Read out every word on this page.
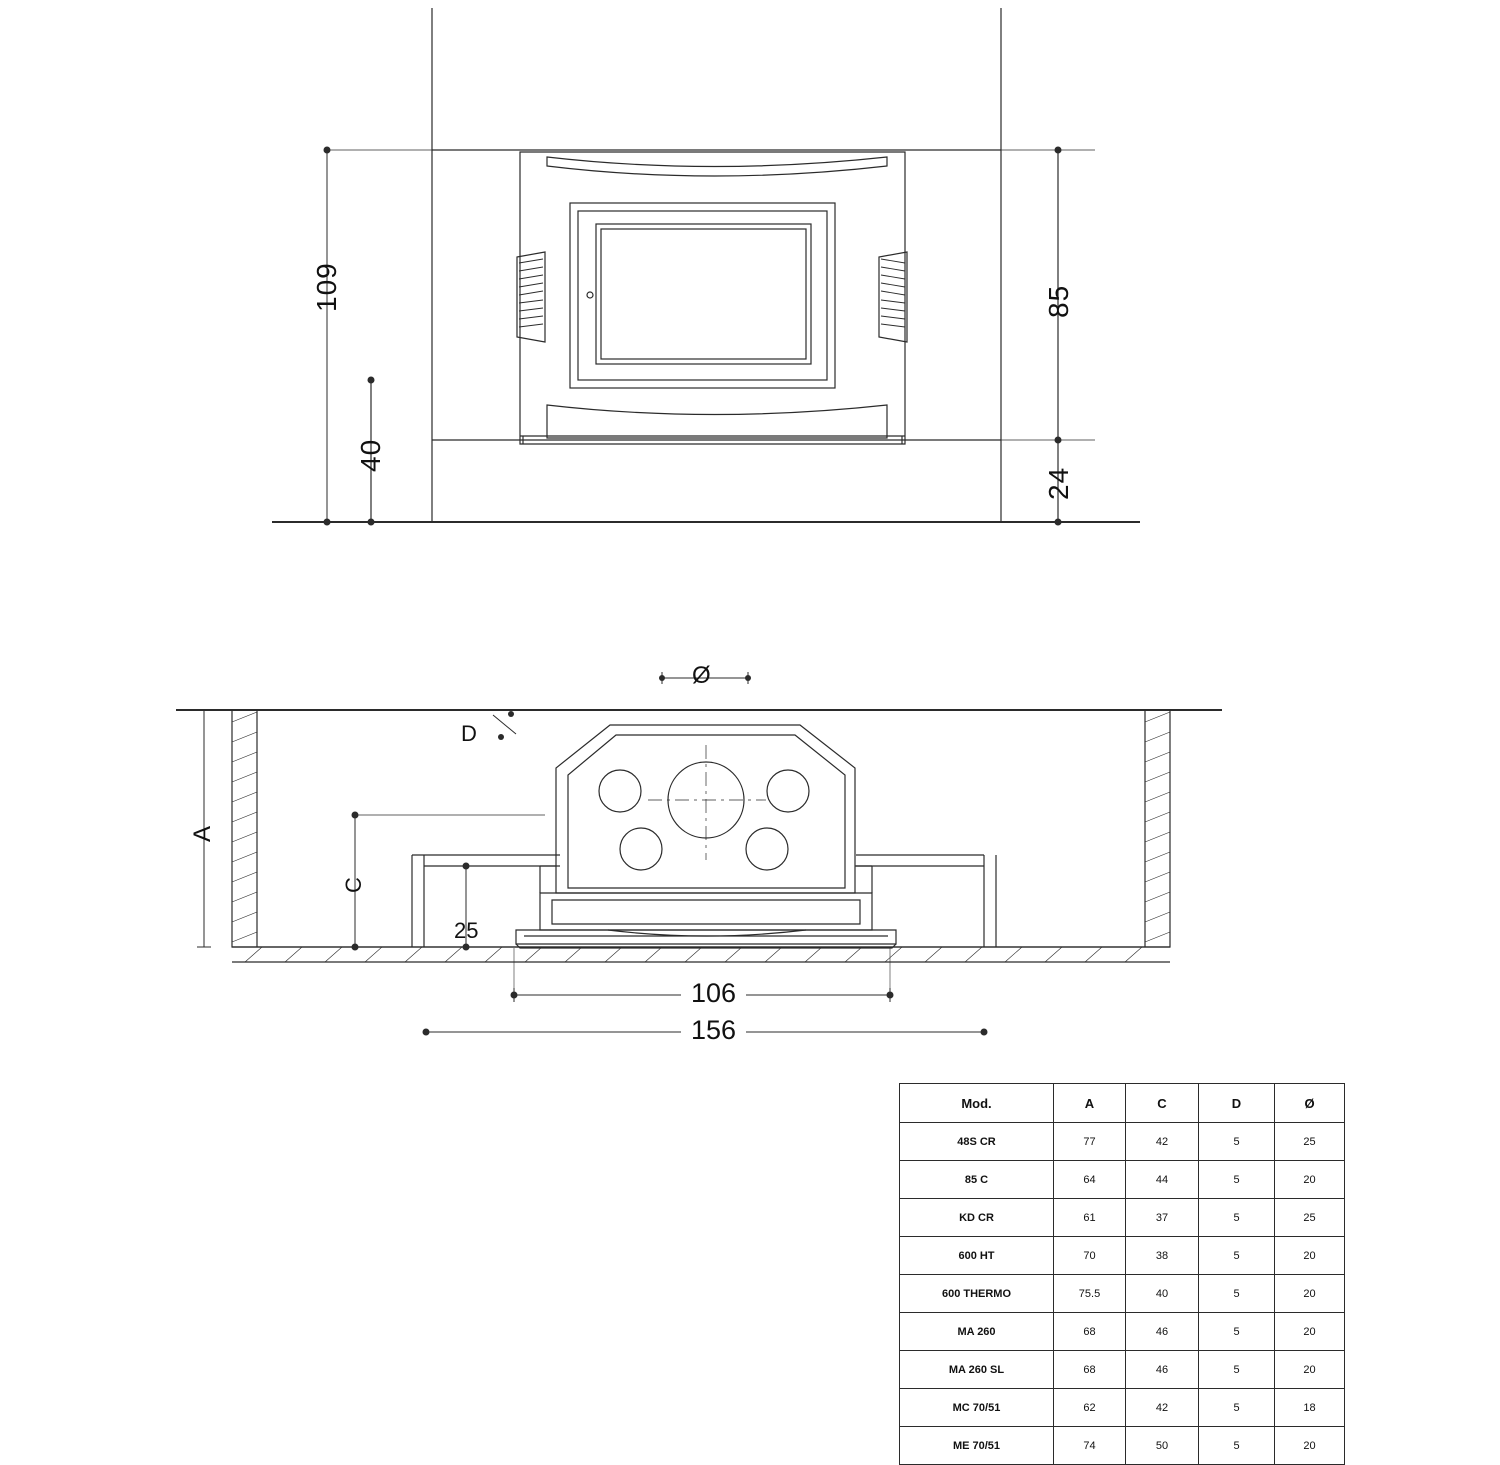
109
40
85
24
Ø
D
A
C
25
106
156
Mod.	A	C	D	Ø
48S CR	77	42	5	25
85 C	64	44	5	20
KD CR	61	37	5	25
600 HT	70	38	5	20
600 THERMO	75.5	40	5	20
MA 260	68	46	5	20
MA 260 SL	68	46	5	20
MC 70/51	62	42	5	18
ME 70/51	74	50	5	20
